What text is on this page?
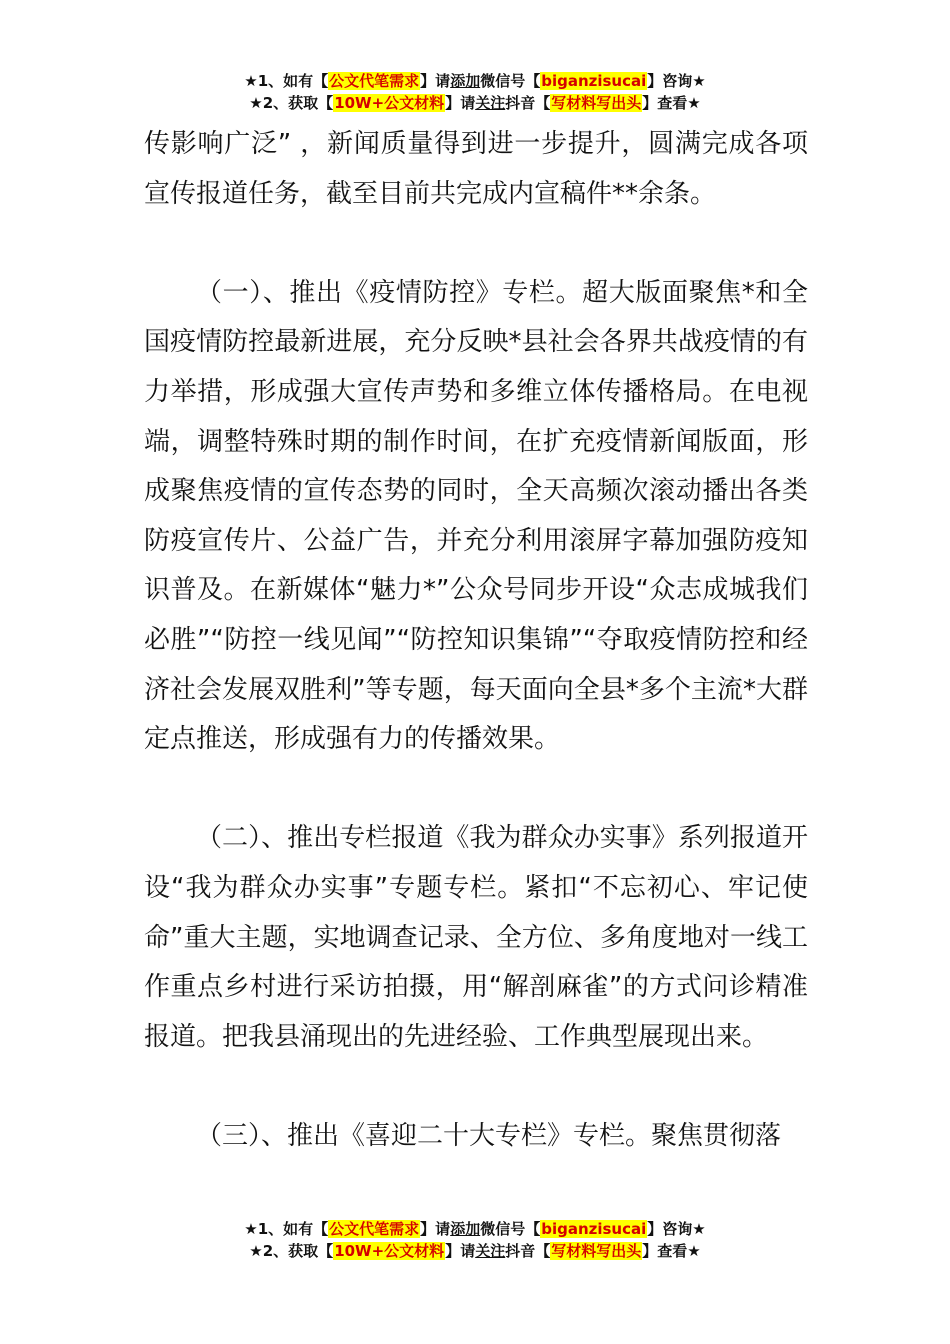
★1、如有【公文代笔需求】请添加微信号【biganzisucai】咨询★
★2、获取【10W+公文材料】请关注抖音【写材料写出头】查看★

传影响广泛” ，新闻质量得到进一步提升，圆满完成各项宣传报道任务，截至目前共完成内宣稿件**余条。

（一）、推出《疫情防控》专栏。超大版面聚焦*和全国疫情防控最新进展，充分反映*县社会各界共战疫情的有力举措，形成强大宣传声势和多维立体传播格局。在电视端，调整特殊时期的制作时间，在扩充疫情新闻版面，形成聚焦疫情的宣传态势的同时，全天高频次滚动播出各类防疫宣传片、公益广告，并充分利用滚屏字幕加强防疫知识普及。在新媒体“魅力*”公众号同步开设“众志成城我们必胜”“防控一线见闻”“防控知识集锦”“夺取疫情防控和经济社会发展双胜利”等专题，每天面向全县*多个主流*大群定点推送，形成强有力的传播效果。

（二）、推出专栏报道《我为群众办实事》系列报道开设“我为群众办实事”专题专栏。紧扣“不忘初心、牢记使命”重大主题，实地调查记录、全方位、多角度地对一线工作重点乡村进行采访拍摄，用“解剖麻雀”的方式问诊精准报道。把我县涌现出的先进经验、工作典型展现出来。

（三）、推出《喜迎二十大专栏》专栏。聚焦贯彻落

★1、如有【公文代笔需求】请添加微信号【biganzisucai】咨询★
★2、获取【10W+公文材料】请关注抖音【写材料写出头】查看★
